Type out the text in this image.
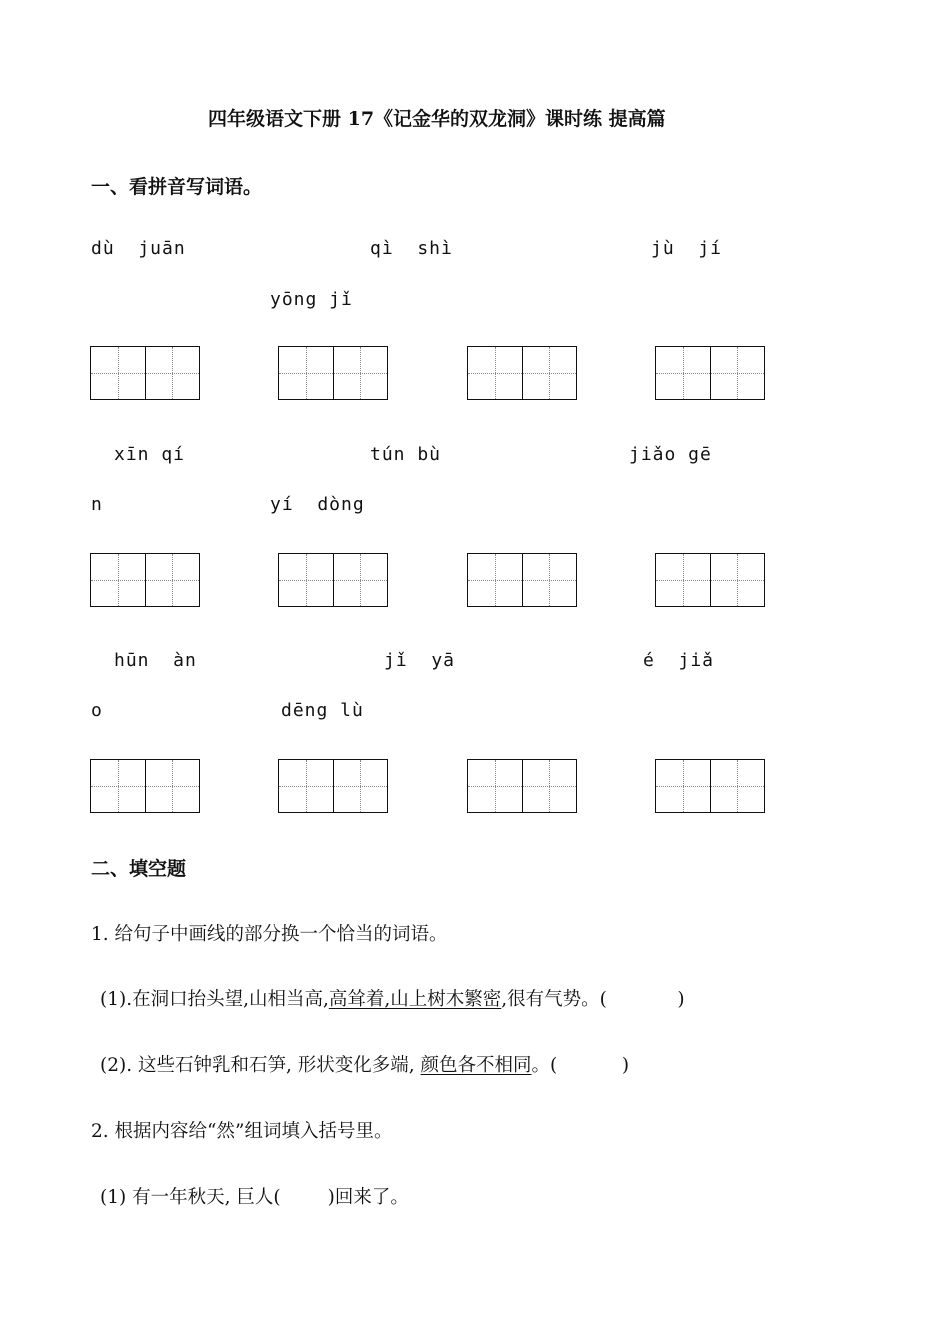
四年级语文下册 17《记金华的双龙洞》课时练 提高篇
一、看拼音写词语。
dù  juān	qì  shì	jù  jí
yōng jǐ
xīn qí	tún bù	jiǎo gē
n	yí  dòng
hūn  àn	jǐ  yā	é  jiǎ
o	dēng lù
二、填空题
1. 给句子中画线的部分换一个恰当的词语。
(1).在洞口抬头望,山相当高,高耸着,山上树木繁密,很有气势。(            )
(2). 这些石钟乳和石笋, 形状变化多端, 颜色各不相同。(           )
2. 根据内容给“然”组词填入括号里。
(1) 有一年秋天, 巨人(        )回来了。
